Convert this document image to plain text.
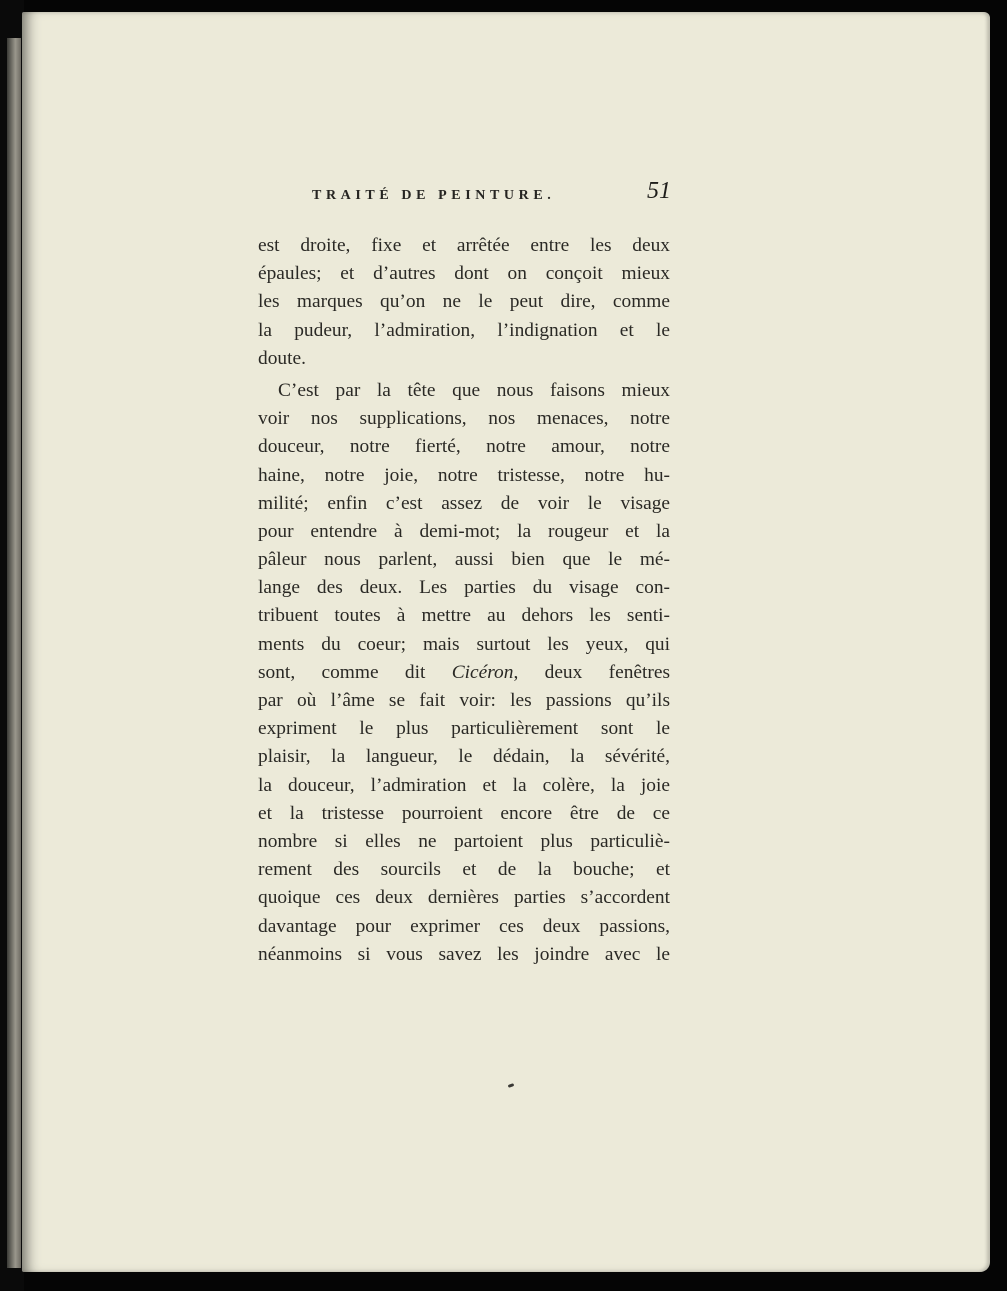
TRAITÉ DE PEINTURE.	51
est droite, fixe et arrêtée entre les deux
épaules; et d’autres dont on conçoit mieux
les marques qu’on ne le peut dire, comme
la pudeur, l’admiration, l’indignation et le
doute.
C’est par la tête que nous faisons mieux
voir nos supplications, nos menaces, notre
douceur, notre fierté, notre amour, notre
haine, notre joie, notre tristesse, notre hu-
milité; enfin c’est assez de voir le visage
pour entendre à demi-mot; la rougeur et la
pâleur nous parlent, aussi bien que le mé-
lange des deux. Les parties du visage con-
tribuent toutes à mettre au dehors les senti-
ments du coeur; mais surtout les yeux, qui
sont, comme dit Cicéron, deux fenêtres
par où l’âme se fait voir: les passions qu’ils
expriment le plus particulièrement sont le
plaisir, la langueur, le dédain, la sévérité,
la douceur, l’admiration et la colère, la joie
et la tristesse pourroient encore être de ce
nombre si elles ne partoient plus particuliè-
rement des sourcils et de la bouche; et
quoique ces deux dernières parties s’accordent
davantage pour exprimer ces deux passions,
néanmoins si vous savez les joindre avec le
